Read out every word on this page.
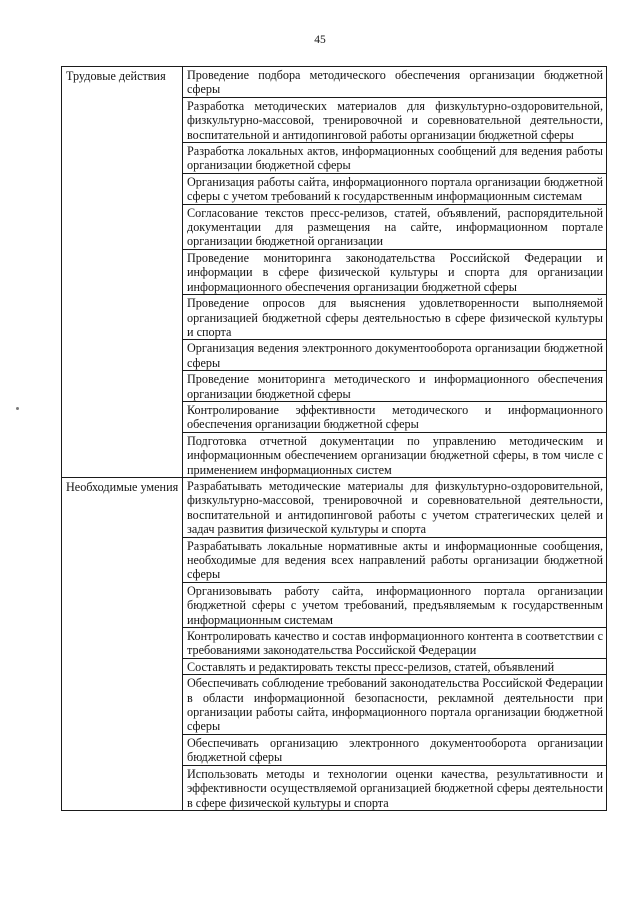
45
Трудовые действия	Проведение подбора методического обеспечения организации бюджетной сферы
	Разработка методических материалов для физкультурно-оздоровительной, физкультурно-массовой, тренировочной и соревновательной деятельности, воспитательной и антидопинговой работы организации бюджетной сферы
	Разработка локальных актов, информационных сообщений для ведения работы организации бюджетной сферы
	Организация работы сайта, информационного портала организации бюджетной сферы с учетом требований к государственным информационным системам
	Согласование текстов пресс-релизов, статей, объявлений, распорядительной документации для размещения на сайте, информационном портале организации бюджетной организации
	Проведение мониторинга законодательства Российской Федерации и информации в сфере физической культуры и спорта для организации информационного обеспечения организации бюджетной сферы
	Проведение опросов для выяснения удовлетворенности выполняемой организацией бюджетной сферы деятельностью в сфере физической культуры и спорта
	Организация ведения электронного документооборота организации бюджетной сферы
	Проведение мониторинга методического и информационного обеспечения организации бюджетной сферы
	Контролирование эффективности методического и информационного обеспечения организации бюджетной сферы
	Подготовка отчетной документации по управлению методическим и информационным обеспечением организации бюджетной сферы, в том числе с применением информационных систем
Необходимые умения	Разрабатывать методические материалы для физкультурно-оздоровительной, физкультурно-массовой, тренировочной и соревновательной деятельности, воспитательной и антидопинговой работы с учетом стратегических целей и задач развития физической культуры и спорта
	Разрабатывать локальные нормативные акты и информационные сообщения, необходимые для ведения всех направлений работы организации бюджетной сферы
	Организовывать работу сайта, информационного портала организации бюджетной сферы с учетом требований, предъявляемым к государственным информационным системам
	Контролировать качество и состав информационного контента в соответствии с требованиями законодательства Российской Федерации
	Составлять и редактировать тексты пресс-релизов, статей, объявлений
	Обеспечивать соблюдение требований законодательства Российской Федерации в области информационной безопасности, рекламной деятельности при организации работы сайта, информационного портала организации бюджетной сферы
	Обеспечивать организацию электронного документооборота организации бюджетной сферы
	Использовать методы и технологии оценки качества, результативности и эффективности осуществляемой организацией бюджетной сферы деятельности в сфере физической культуры и спорта
